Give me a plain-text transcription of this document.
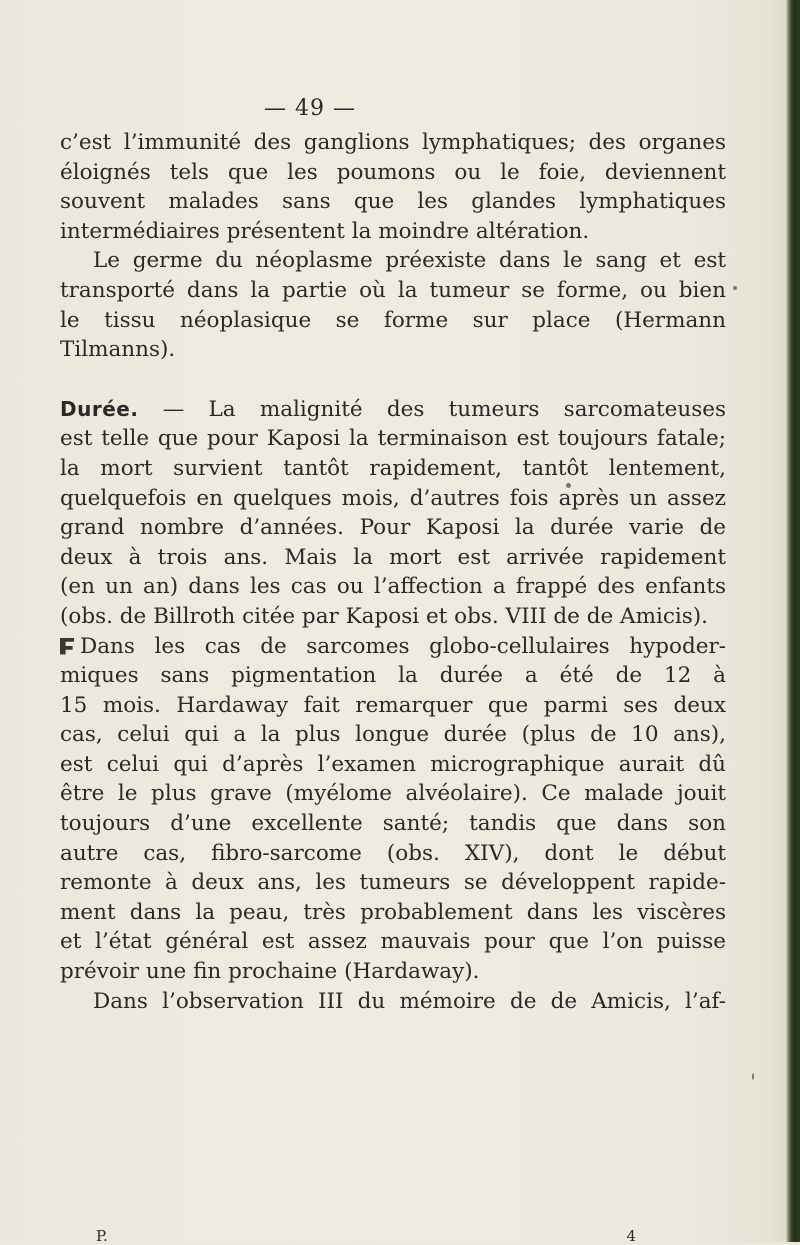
— 49 —
c’est l’immunité des ganglions lymphatiques; des organes
éloignés tels que les poumons ou le foie, deviennent
souvent malades sans que les glandes lymphatiques
intermédiaires présentent la moindre altération.
Le germe du néoplasme préexiste dans le sang et est
transporté dans la partie où la tumeur se forme, ou bien
le tissu néoplasique se forme sur place (Hermann
Tilmanns).
Durée. — La malignité des tumeurs sarcomateuses
est telle que pour Kaposi la terminaison est toujours fatale;
la mort survient tantôt rapidement, tantôt lentement,
quelquefois en quelques mois, d’autres fois après un assez
grand nombre d’années. Pour Kaposi la durée varie de
deux à trois ans. Mais la mort est arrivée rapidement
(en un an) dans les cas ou l’affection a frappé des enfants
(obs. de Billroth citée par Kaposi et obs. VIII de de Amicis).
Dans les cas de sarcomes globo-cellulaires hypoder-
miques sans pigmentation la durée a été de 12 à
15 mois. Hardaway fait remarquer que parmi ses deux
cas, celui qui a la plus longue durée (plus de 10 ans),
est celui qui d’après l’examen micrographique aurait dû
être le plus grave (myélome alvéolaire). Ce malade jouit
toujours d’une excellente santé; tandis que dans son
autre cas, fibro-sarcome (obs. XIV), dont le début
remonte à deux ans, les tumeurs se développent rapide-
ment dans la peau, très probablement dans les viscères
et l’état général est assez mauvais pour que l’on puisse
prévoir une fin prochaine (Hardaway).
Dans l’observation III du mémoire de de Amicis, l’af-
P.	4
